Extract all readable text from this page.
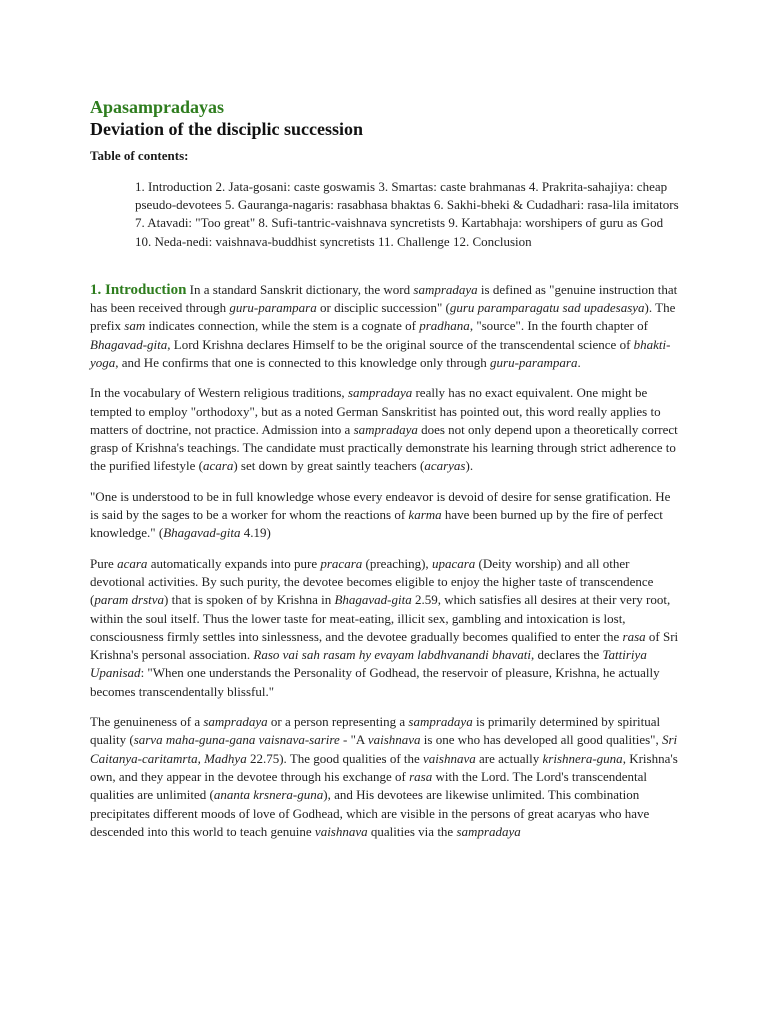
Apasampradayas
Deviation of the disciplic succession
Table of contents:
1. Introduction 2. Jata-gosani: caste goswamis 3. Smartas: caste brahmanas 4. Prakrita-sahajiya: cheap pseudo-devotees 5. Gauranga-nagaris: rasabhasa bhaktas 6. Sakhi-bheki & Cudadhari: rasa-lila imitators 7. Atavadi: "Too great" 8. Sufi-tantric-vaishnava syncretists 9. Kartabhaja: worshipers of guru as God 10. Neda-nedi: vaishnava-buddhist syncretists 11. Challenge 12. Conclusion

1. Introduction In a standard Sanskrit dictionary, the word sampradaya is defined as "genuine instruction that has been received through guru-parampara or disciplic succession" (guru paramparagatu sad upadesasya). The prefix sam indicates connection, while the stem is a cognate of pradhana, "source". In the fourth chapter of Bhagavad-gita, Lord Krishna declares Himself to be the original source of the transcendental science of bhakti-yoga, and He confirms that one is connected to this knowledge only through guru-parampara.

In the vocabulary of Western religious traditions, sampradaya really has no exact equivalent. One might be tempted to employ "orthodoxy", but as a noted German Sanskritist has pointed out, this word really applies to matters of doctrine, not practice. Admission into a sampradaya does not only depend upon a theoretically correct grasp of Krishna's teachings. The candidate must practically demonstrate his learning through strict adherence to the purified lifestyle (acara) set down by great saintly teachers (acaryas).

"One is understood to be in full knowledge whose every endeavor is devoid of desire for sense gratification. He is said by the sages to be a worker for whom the reactions of karma have been burned up by the fire of perfect knowledge." (Bhagavad-gita 4.19)

Pure acara automatically expands into pure pracara (preaching), upacara (Deity worship) and all other devotional activities. By such purity, the devotee becomes eligible to enjoy the higher taste of transcendence (param drstva) that is spoken of by Krishna in Bhagavad-gita 2.59, which satisfies all desires at their very root, within the soul itself. Thus the lower taste for meat-eating, illicit sex, gambling and intoxication is lost, consciousness firmly settles into sinlessness, and the devotee gradually becomes qualified to enter the rasa of Sri Krishna's personal association. Raso vai sah rasam hy evayam labdhvanandi bhavati, declares the Tattiriya Upanisad: "When one understands the Personality of Godhead, the reservoir of pleasure, Krishna, he actually becomes transcendentally blissful."

The genuineness of a sampradaya or a person representing a sampradaya is primarily determined by spiritual quality (sarva maha-guna-gana vaisnava-sarire - "A vaishnava is one who has developed all good qualities", Sri Caitanya-caritamrta, Madhya 22.75). The good qualities of the vaishnava are actually krishnera-guna, Krishna's own, and they appear in the devotee through his exchange of rasa with the Lord. The Lord's transcendental qualities are unlimited (ananta krsnera-guna), and His devotees are likewise unlimited. This combination precipitates different moods of love of Godhead, which are visible in the persons of great acaryas who have descended into this world to teach genuine vaishnava qualities via the sampradaya
